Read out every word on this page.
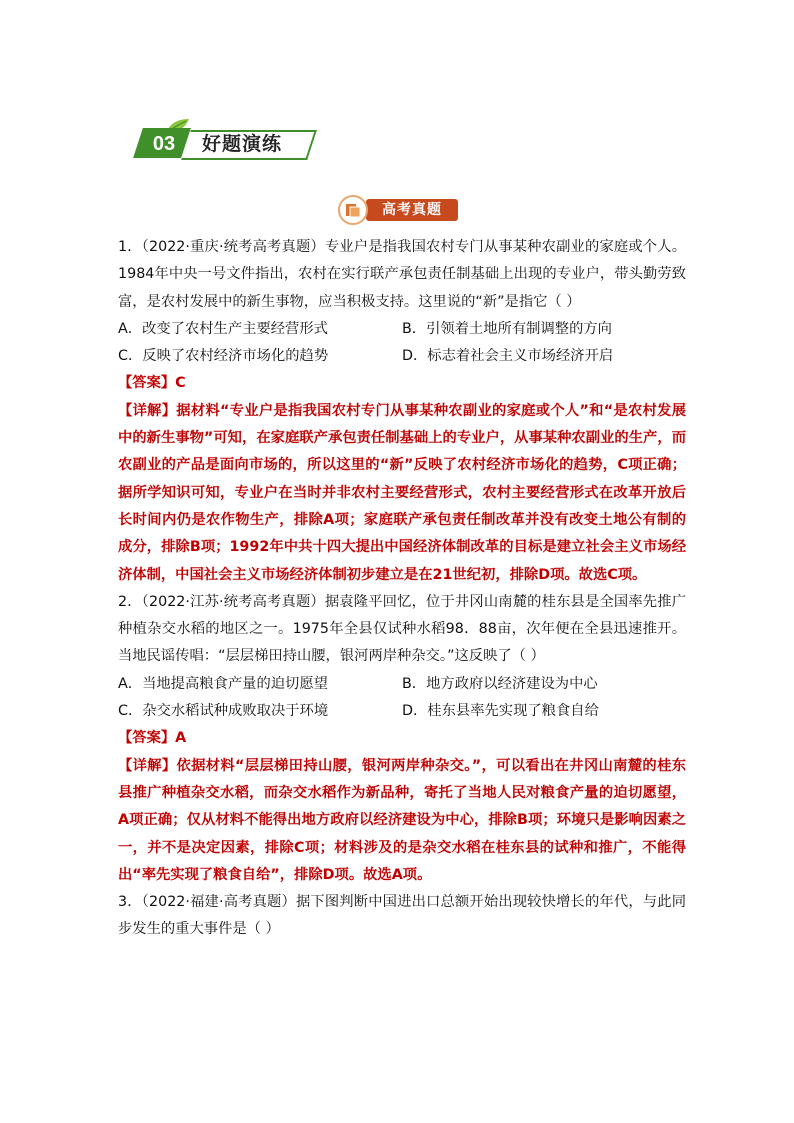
03	好题演练
高考真题

1．（2022·重庆·统考高考真题）专业户是指我国农村专门从事某种农副业的家庭或个人。1984年中央一号文件指出，农村在实行联产承包责任制基础上出现的专业户，带头勤劳致富，是农村发展中的新生事物，应当积极支持。这里说的“新”是指它（ ）

A．改变了农村生产主要经营形式	B．引领着土地所有制调整的方向
C．反映了农村经济市场化的趋势	D．标志着社会主义市场经济开启

【答案】C

【详解】据材料“专业户是指我国农村专门从事某种农副业的家庭或个人”和“是农村发展中的新生事物”可知，在家庭联产承包责任制基础上的专业户，从事某种农副业的生产，而农副业的产品是面向市场的，所以这里的“新”反映了农村经济市场化的趋势，C项正确；据所学知识可知，专业户在当时并非农村主要经营形式，农村主要经营形式在改革开放后长时间内仍是农作物生产，排除A项；家庭联产承包责任制改革并没有改变土地公有制的成分，排除B项；1992年中共十四大提出中国经济体制改革的目标是建立社会主义市场经济体制，中国社会主义市场经济体制初步建立是在21世纪初，排除D项。故选C项。

2．（2022·江苏·统考高考真题）据袁隆平回忆，位于井冈山南麓的桂东县是全国率先推广种植杂交水稻的地区之一。1975年全县仅试种水稻98．88亩，次年便在全县迅速推开。当地民谣传唱：“层层梯田持山腰，银河两岸种杂交。”这反映了（ ）

A．当地提高粮食产量的迫切愿望	B．地方政府以经济建设为中心
C．杂交水稻试种成败取决于环境	D．桂东县率先实现了粮食自给

【答案】A

【详解】依据材料“层层梯田持山腰，银河两岸种杂交。”，可以看出在井冈山南麓的桂东县推广种植杂交水稻，而杂交水稻作为新品种，寄托了当地人民对粮食产量的迫切愿望，A项正确；仅从材料不能得出地方政府以经济建设为中心，排除B项；环境只是影响因素之一，并不是决定因素，排除C项；材料涉及的是杂交水稻在桂东县的试种和推广，不能得出“率先实现了粮食自给”，排除D项。故选A项。

3．（2022·福建·高考真题）据下图判断中国进出口总额开始出现较快增长的年代，与此同步发生的重大事件是（ ）
